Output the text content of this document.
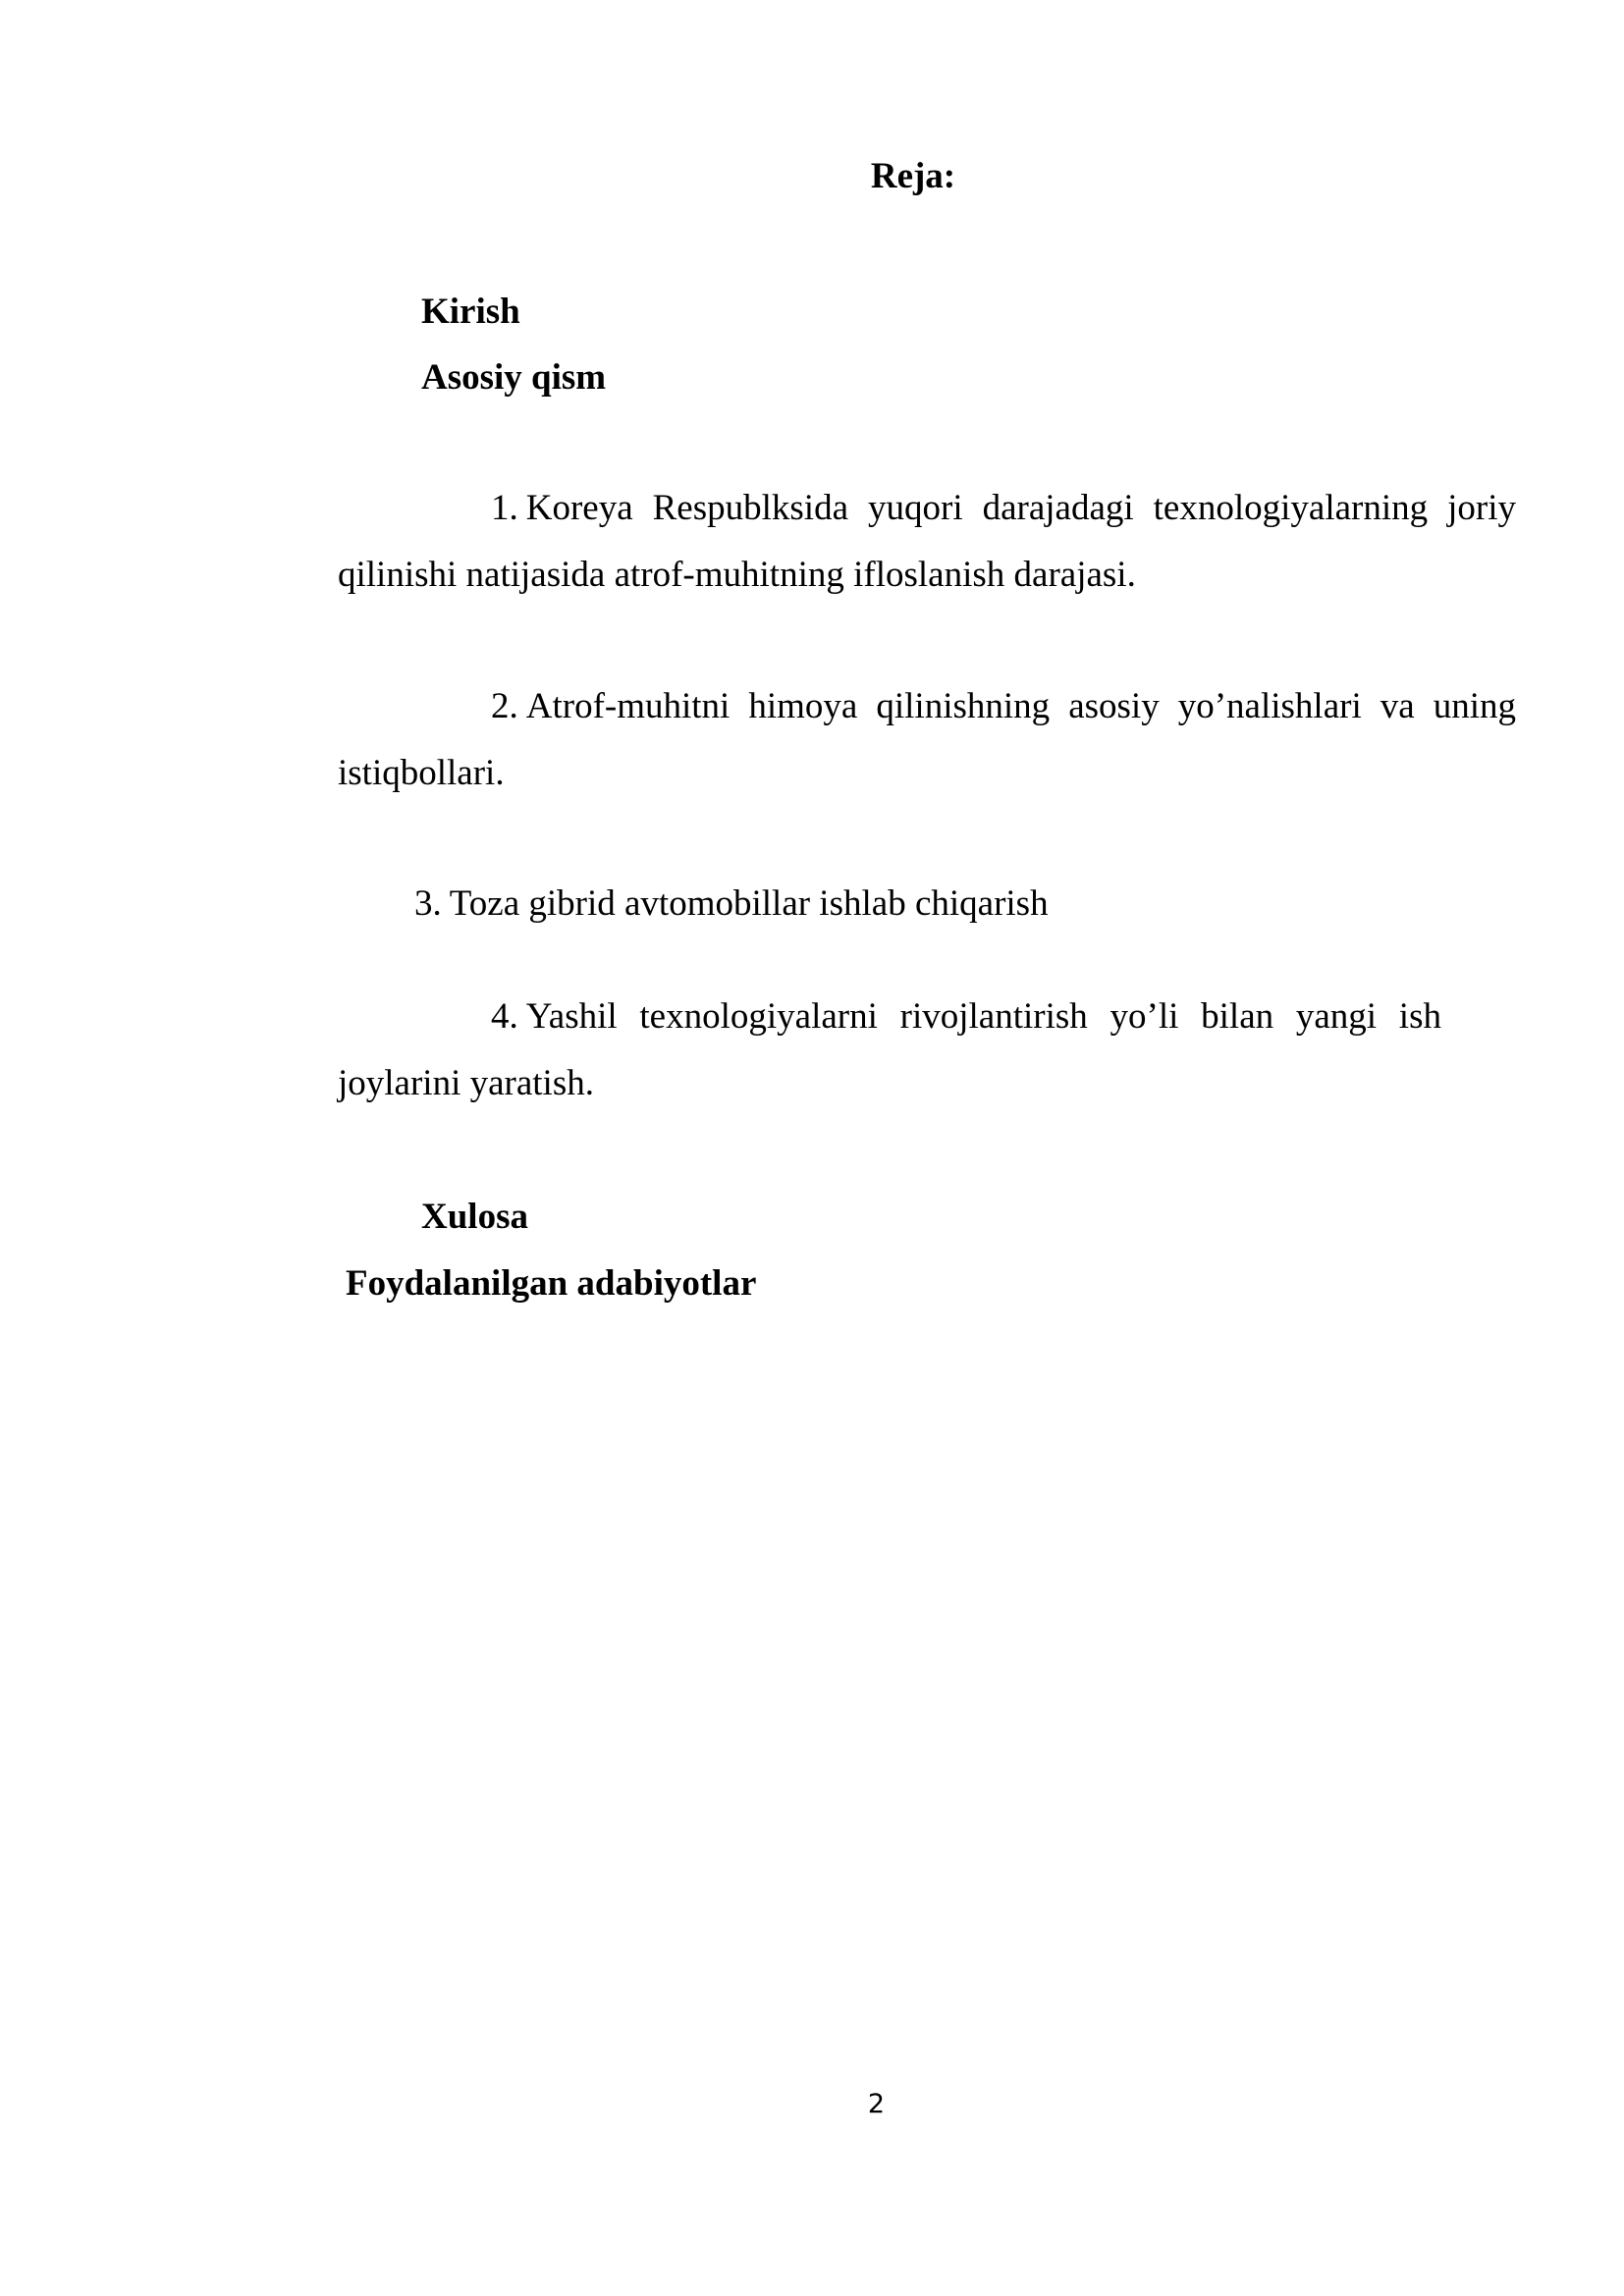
Reja:

Kirish

Asosiy qism

1. Koreya Respublksida yuqori darajadagi texnologiyalarning joriy qilinishi natijasida atrof-muhitning ifloslanish darajasi.

2. Atrof-muhitni himoya qilinishning asosiy yo’nalishlari va uning istiqbollari.

3. Toza gibrid avtomobillar ishlab chiqarish

4. Yashil texnologiyalarni rivojlantirish yo’li bilan yangi ish joylarini yaratish.

Xulosa

Foydalanilgan adabiyotlar

2
